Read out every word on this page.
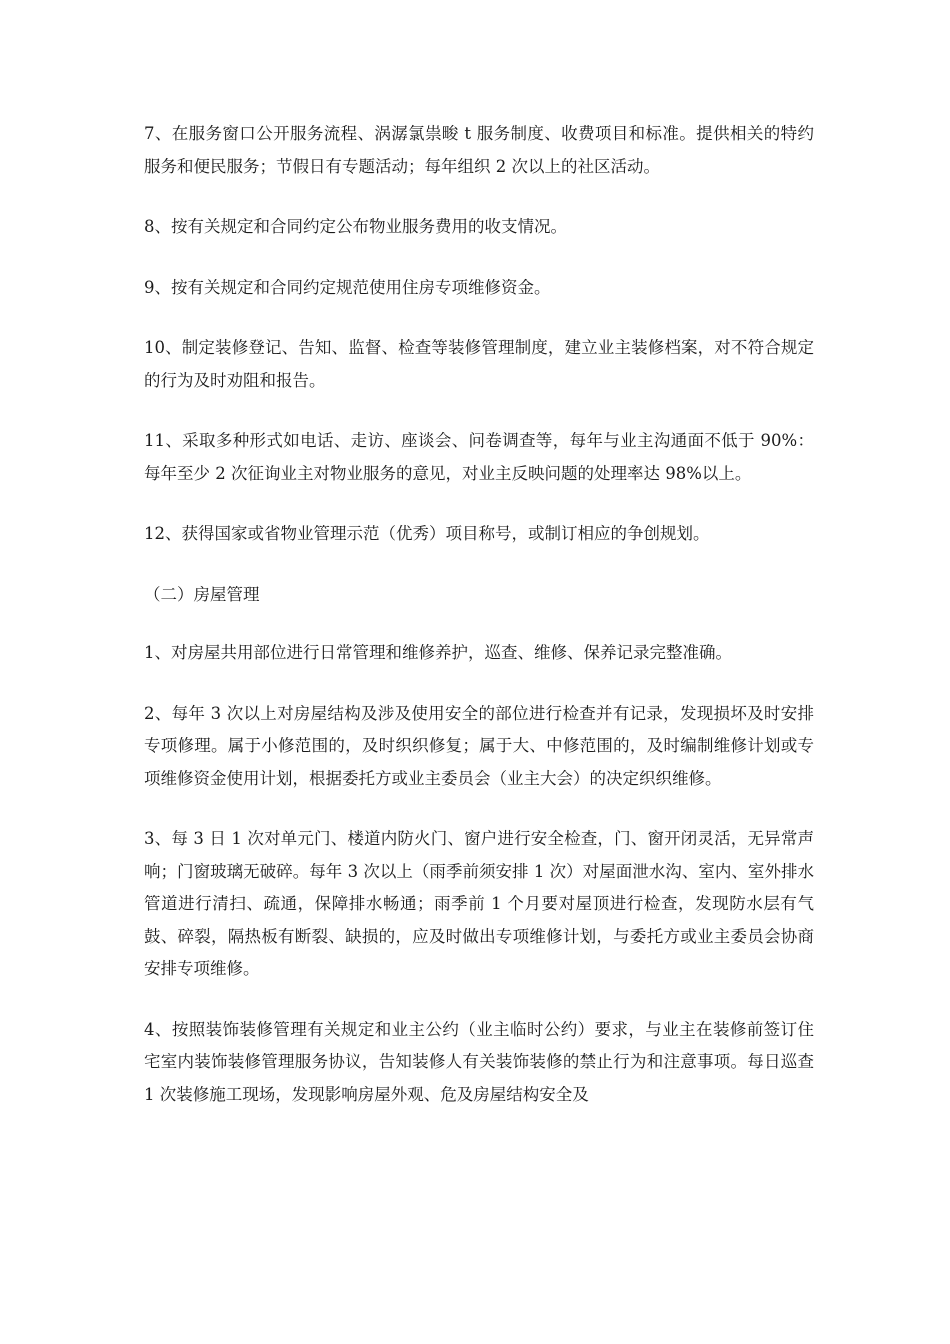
7、在服务窗口公开服务流程、涡潺氯祟畯 t 服务制度、收费项目和标准。提供相关的特约服务和便民服务；节假日有专题活动；每年组织 2 次以上的社区活动。

8、按有关规定和合同约定公布物业服务费用的收支情况。

9、按有关规定和合同约定规范使用住房专项维修资金。

10、制定装修登记、告知、监督、检查等装修管理制度，建立业主装修档案，对不符合规定的行为及时劝阻和报告。

11、采取多种形式如电话、走访、座谈会、问卷调查等，每年与业主沟通面不低于 90%：每年至少 2 次征询业主对物业服务的意见，对业主反映问题的处理率达 98%以上。

12、获得国家或省物业管理示范（优秀）项目称号，或制订相应的争创规划。

（二）房屋管理

1、对房屋共用部位进行日常管理和维修养护，巡查、维修、保养记录完整准确。

2、每年 3 次以上对房屋结构及涉及使用安全的部位进行检查并有记录，发现损坏及时安排专项修理。属于小修范围的，及时织织修复；属于大、中修范围的，及时编制维修计划或专项维修资金使用计划，根据委托方或业主委员会（业主大会）的决定织织维修。

3、每 3 日 1 次对单元门、楼道内防火门、窗户进行安全检查，门、窗开闭灵活，无异常声响；门窗玻璃无破碎。每年 3 次以上（雨季前须安排 1 次）对屋面泄水沟、室内、室外排水管道进行清扫、疏通，保障排水畅通；雨季前 1 个月要对屋顶进行检查，发现防水层有气鼓、碎裂，隔热板有断裂、缺损的，应及时做出专项维修计划，与委托方或业主委员会协商安排专项维修。

4、按照装饰装修管理有关规定和业主公约（业主临时公约）要求，与业主在装修前签订住宅室内装饰装修管理服务协议，告知装修人有关装饰装修的禁止行为和注意事项。每日巡查 1 次装修施工现场，发现影响房屋外观、危及房屋结构安全及
